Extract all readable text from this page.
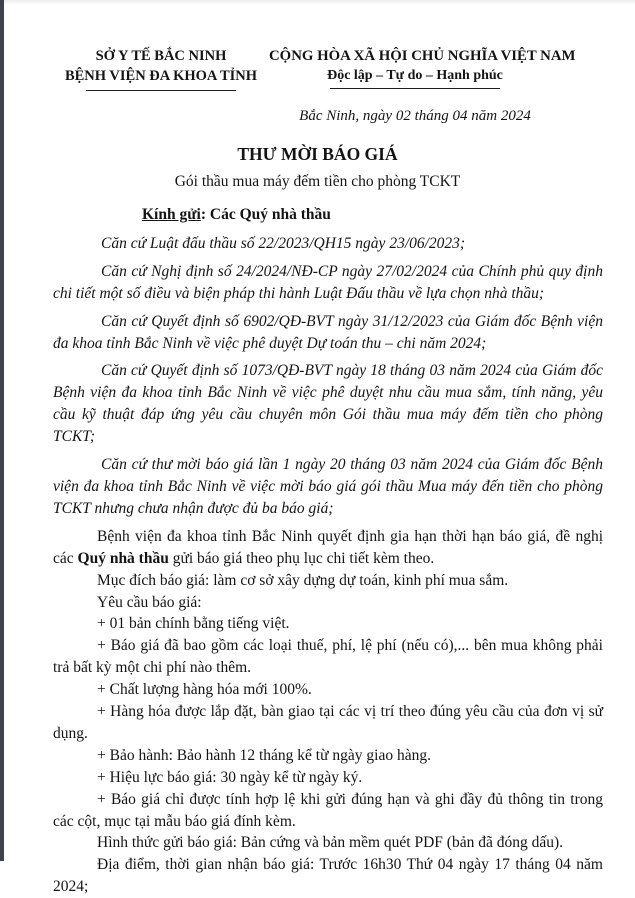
SỞ Y TẾ BẮC NINH
BỆNH VIỆN ĐA KHOA TỈNH
CỘNG HÒA XÃ HỘI CHỦ NGHĨA VIỆT NAM
Độc lập – Tự do – Hạnh phúc
Bắc Ninh, ngày 02 tháng 04 năm 2024
THƯ MỜI BÁO GIÁ
Gói thầu mua máy đếm tiền cho phòng TCKT
Kính gửi: Các Quý nhà thầu

Căn cứ Luật đấu thầu số 22/2023/QH15 ngày 23/06/2023;

Căn cứ Nghị định số 24/2024/NĐ-CP ngày 27/02/2024 của Chính phủ quy định chi tiết một số điều và biện pháp thi hành Luật Đấu thầu về lựa chọn nhà thầu;

Căn cứ Quyết định số 6902/QĐ-BVT ngày 31/12/2023 của Giám đốc Bệnh viện đa khoa tỉnh Bắc Ninh về việc phê duyệt Dự toán thu – chi năm 2024;

Căn cứ Quyết định số 1073/QĐ-BVT ngày 18 tháng 03 năm 2024 của Giám đốc Bệnh viện đa khoa tỉnh Bắc Ninh về việc phê duyệt nhu cầu mua sắm, tính năng, yêu cầu kỹ thuật đáp ứng yêu cầu chuyên môn Gói thầu mua máy đếm tiền cho phòng TCKT;

Căn cứ thư mời báo giá lần 1 ngày 20 tháng 03 năm 2024 của Giám đốc Bệnh viện đa khoa tỉnh Bắc Ninh về việc mời báo giá gói thầu Mua máy đến tiền cho phòng TCKT nhưng chưa nhận được đủ ba báo giá;

Bệnh viện đa khoa tỉnh Bắc Ninh quyết định gia hạn thời hạn báo giá, đề nghị các Quý nhà thầu gửi báo giá theo phụ lục chi tiết kèm theo.

Mục đích báo giá: làm cơ sở xây dựng dự toán, kinh phí mua sắm.

Yêu cầu báo giá:

+ 01 bản chính bằng tiếng việt.

+ Báo giá đã bao gồm các loại thuế, phí, lệ phí (nếu có),... bên mua không phải trả bất kỳ một chi phí nào thêm.

+ Chất lượng hàng hóa mới 100%.

+ Hàng hóa được lắp đặt, bàn giao tại các vị trí theo đúng yêu cầu của đơn vị sử dụng.

+ Bảo hành: Bảo hành 12 tháng kể từ ngày giao hàng.

+ Hiệu lực báo giá: 30 ngày kể từ ngày ký.

+ Báo giá chỉ được tính hợp lệ khi gửi đúng hạn và ghi đầy đủ thông tin trong các cột, mục tại mẫu báo giá đính kèm.

Hình thức gửi báo giá: Bản cứng và bản mềm quét PDF (bản đã đóng dấu).

Địa điểm, thời gian nhận báo giá: Trước 16h30 Thứ 04 ngày 17 tháng 04 năm 2024;
